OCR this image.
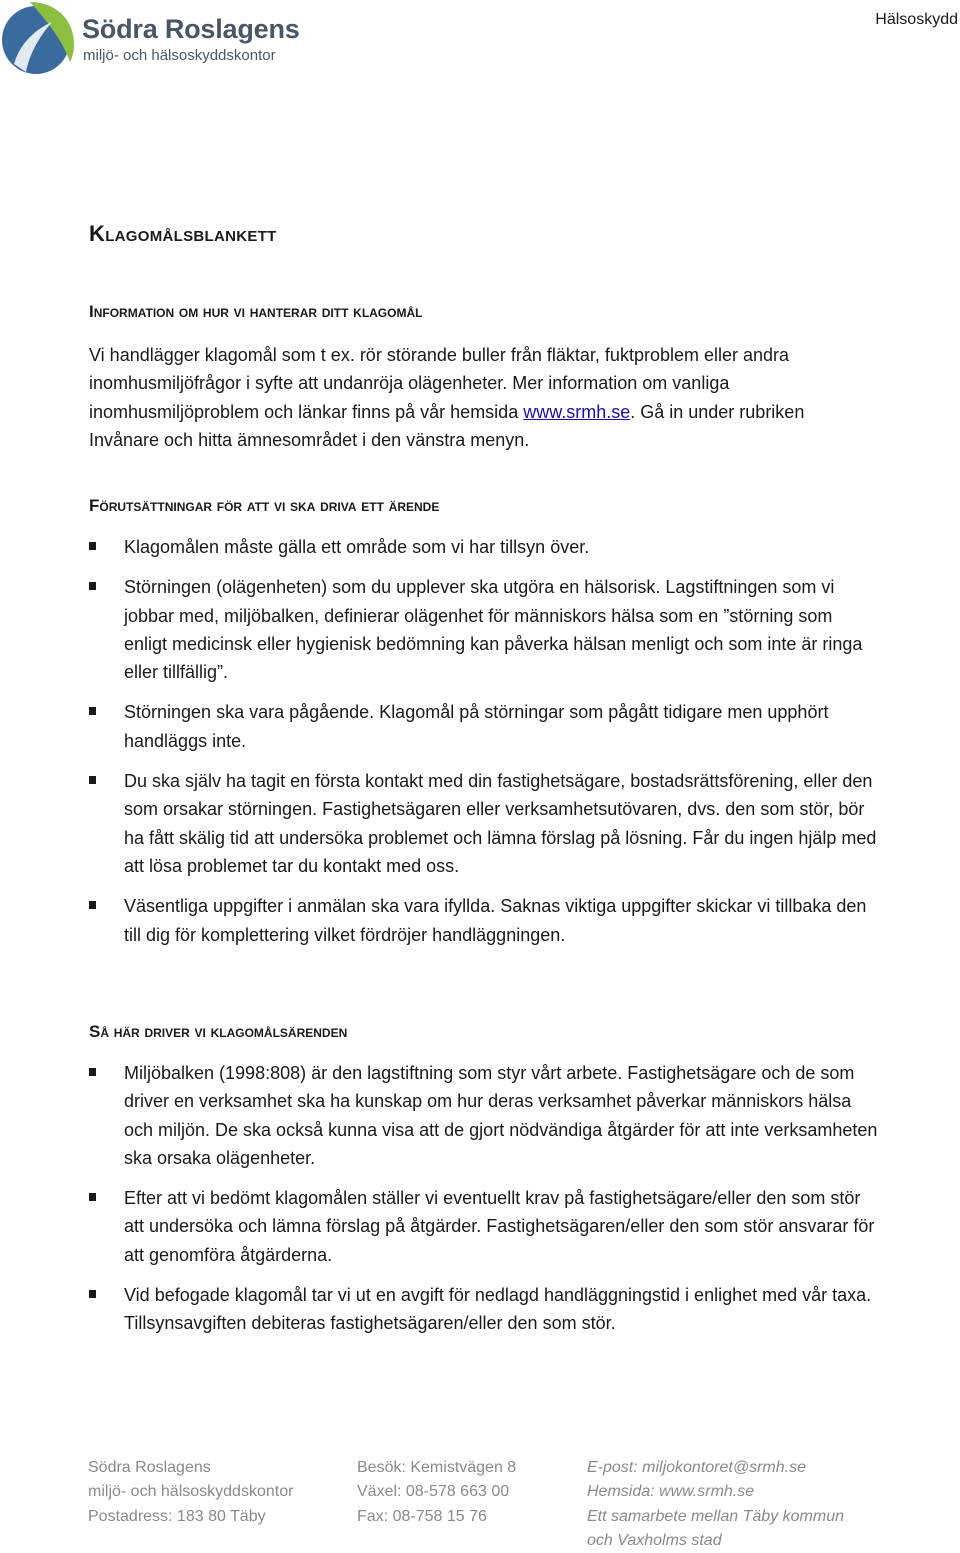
Södra Roslagens
miljö- och hälsoskyddskontor
Hälsoskydd
Klagomålsblankett
Information om hur vi hanterar ditt klagomål

Vi handlägger klagomål som t ex. rör störande buller från fläktar, fuktproblem eller andra inomhusmiljöfrågor i syfte att undanröja olägenheter. Mer information om vanliga inomhusmiljöproblem och länkar finns på vår hemsida www.srmh.se. Gå in under rubriken Invånare och hitta ämnesområdet i den vänstra menyn.

Förutsättningar för att vi ska driva ett ärende
Klagomålen måste gälla ett område som vi har tillsyn över.
Störningen (olägenheten) som du upplever ska utgöra en hälsorisk. Lagstiftningen som vi jobbar med, miljöbalken, definierar olägenhet för människors hälsa som en ”störning som enligt medicinsk eller hygienisk bedömning kan påverka hälsan menligt och som inte är ringa eller tillfällig”.
Störningen ska vara pågående. Klagomål på störningar som pågått tidigare men upphört handläggs inte.
Du ska själv ha tagit en första kontakt med din fastighetsägare, bostadsrättsförening, eller den som orsakar störningen. Fastighetsägaren eller verksamhetsutövaren, dvs. den som stör, bör ha fått skälig tid att undersöka problemet och lämna förslag på lösning. Får du ingen hjälp med att lösa problemet tar du kontakt med oss.
Väsentliga uppgifter i anmälan ska vara ifyllda. Saknas viktiga uppgifter skickar vi tillbaka den till dig för komplettering vilket fördröjer handläggningen.
Så här driver vi klagomålsärenden
Miljöbalken (1998:808) är den lagstiftning som styr vårt arbete. Fastighetsägare och de som driver en verksamhet ska ha kunskap om hur deras verksamhet påverkar människors hälsa och miljön. De ska också kunna visa att de gjort nödvändiga åtgärder för att inte verksamheten ska orsaka olägenheter.
Efter att vi bedömt klagomålen ställer vi eventuellt krav på fastighetsägare/eller den som stör att undersöka och lämna förslag på åtgärder. Fastighetsägaren/eller den som stör ansvarar för att genomföra åtgärderna.
Vid befogade klagomål tar vi ut en avgift för nedlagd handläggningstid i enlighet med vår taxa. Tillsynsavgiften debiteras fastighetsägaren/eller den som stör.
Södra Roslagens
miljö- och hälsoskyddskontor
Postadress: 183 80 Täby
Besök: Kemistvägen 8
Växel: 08-578 663 00
Fax: 08-758 15 76
E-post: miljokontoret@srmh.se
Hemsida: www.srmh.se
Ett samarbete mellan Täby kommun
och Vaxholms stad
